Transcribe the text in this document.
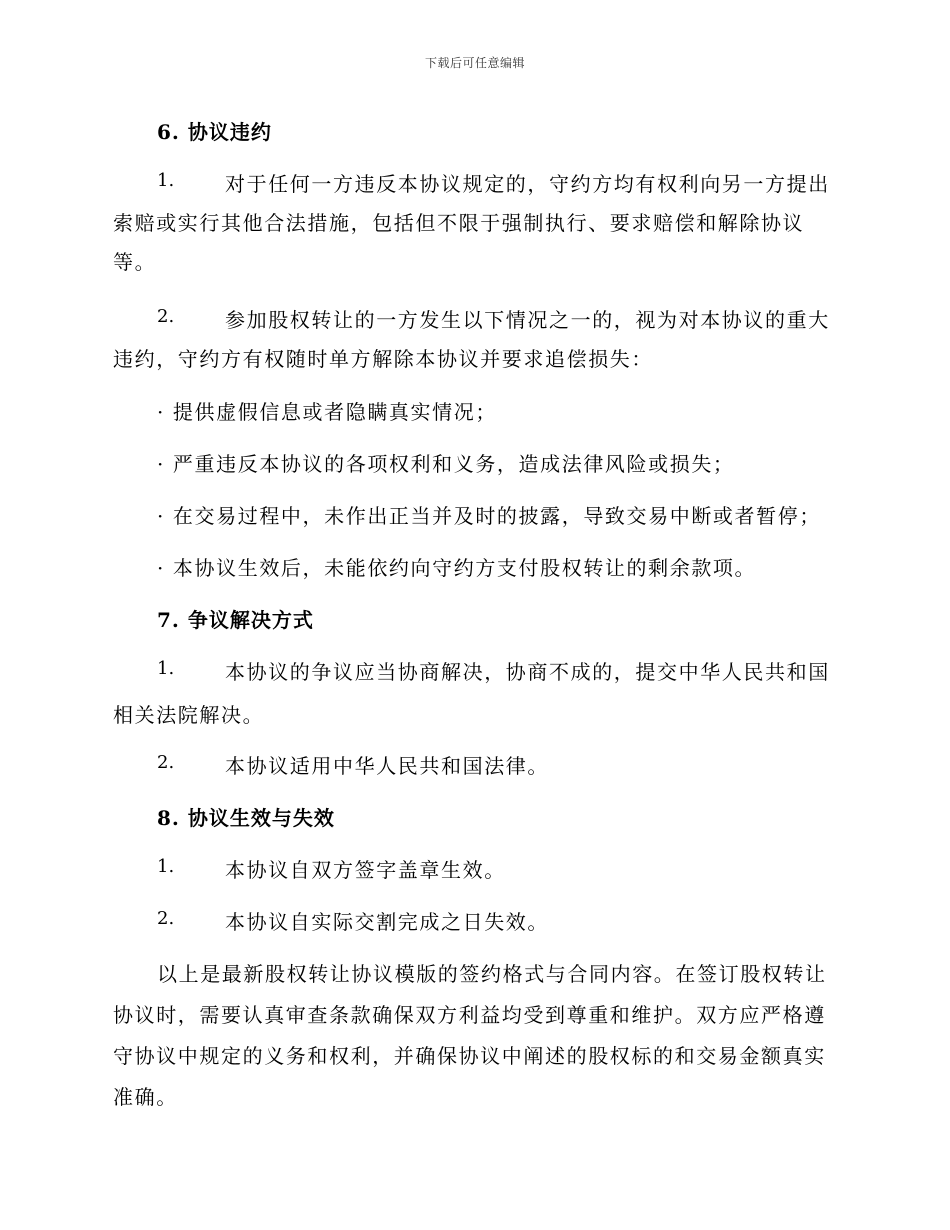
下载后可任意编辑
6. 协议违约
1.	对于任何一方违反本协议规定的，守约方均有权利向另一方提出
索赔或实行其他合法措施，包括但不限于强制执行、要求赔偿和解除协议
等。
2.	参加股权转让的一方发生以下情况之一的，视为对本协议的重大
违约，守约方有权随时单方解除本协议并要求追偿损失：
· 提供虚假信息或者隐瞒真实情况；
· 严重违反本协议的各项权利和义务，造成法律风险或损失；
· 在交易过程中，未作出正当并及时的披露，导致交易中断或者暂停；
· 本协议生效后，未能依约向守约方支付股权转让的剩余款项。
7. 争议解决方式
1.	本协议的争议应当协商解决，协商不成的，提交中华人民共和国
相关法院解决。
2.	本协议适用中华人民共和国法律。
8. 协议生效与失效
1.	本协议自双方签字盖章生效。
2.	本协议自实际交割完成之日失效。
以上是最新股权转让协议模版的签约格式与合同内容。在签订股权转让
协议时，需要认真审查条款确保双方利益均受到尊重和维护。双方应严格遵
守协议中规定的义务和权利，并确保协议中阐述的股权标的和交易金额真实
准确。
